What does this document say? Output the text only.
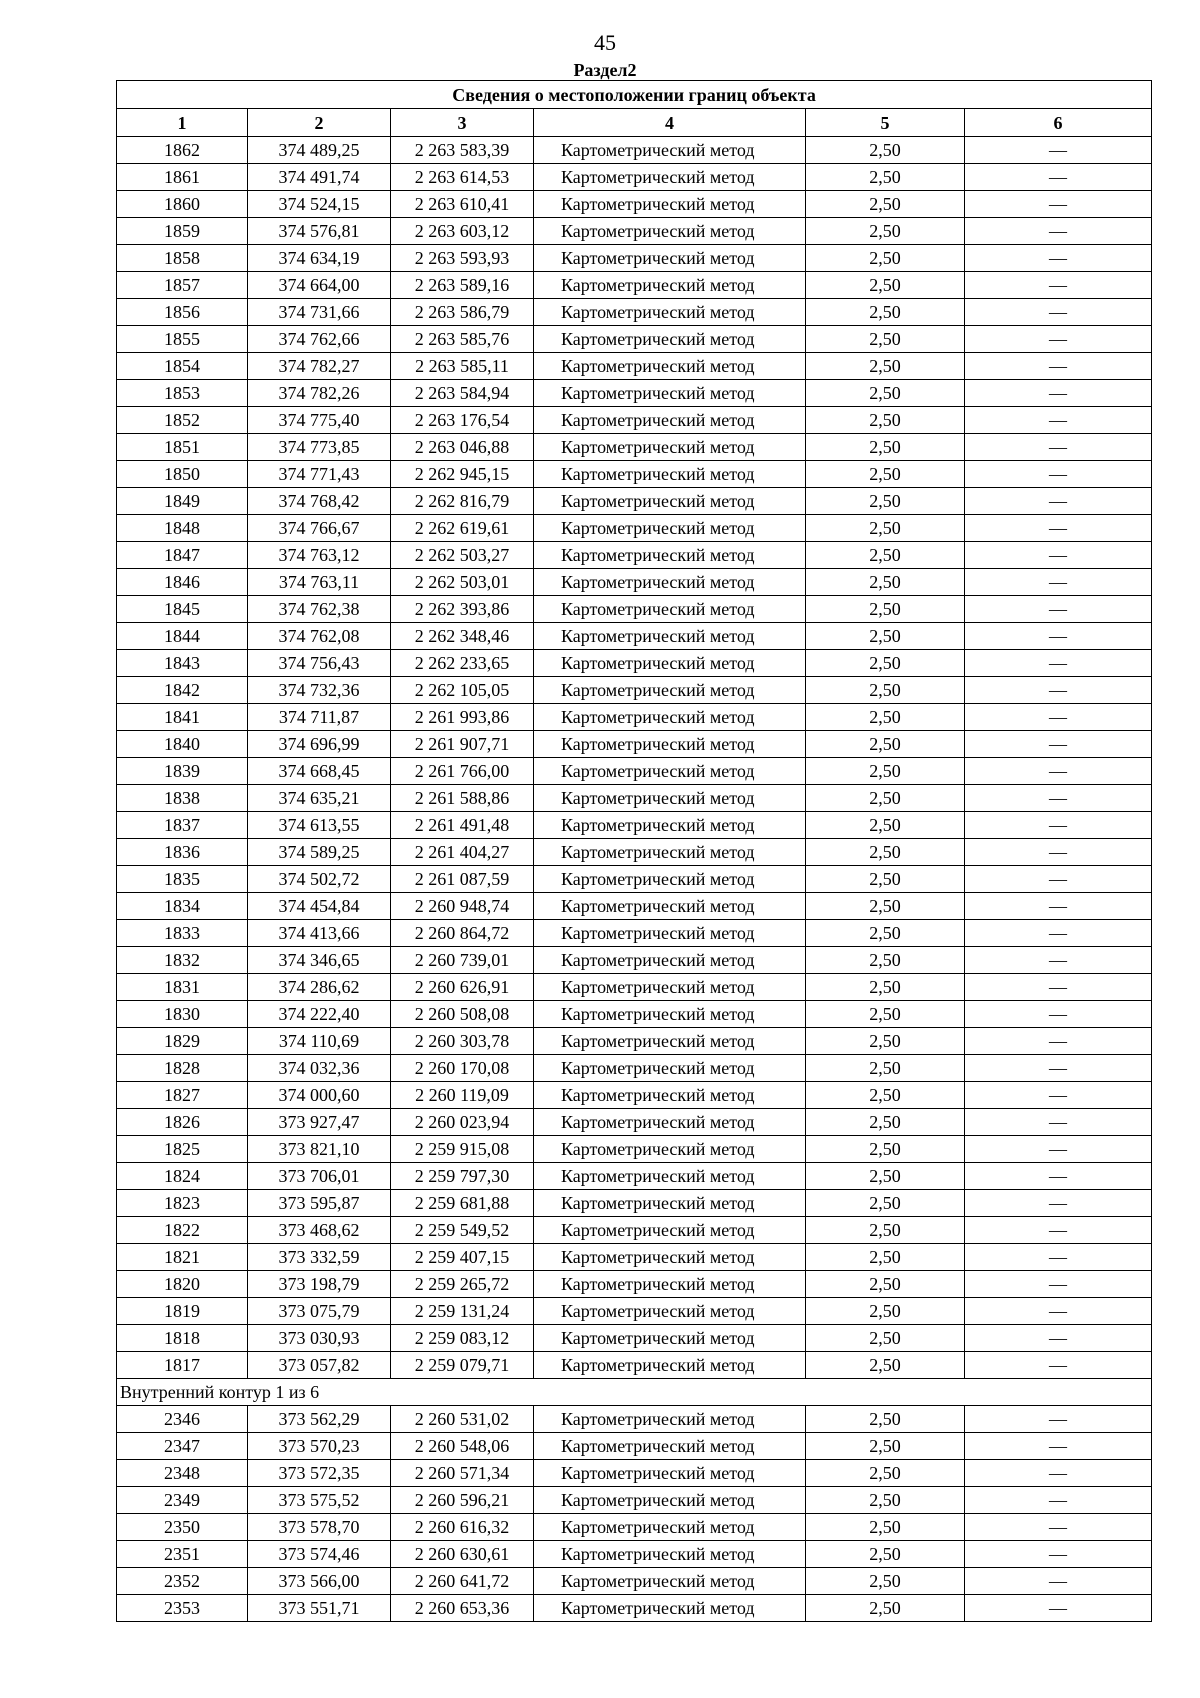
45
Раздел2
Сведения о местоположении границ объекта					
1	2	3	4	5	6
1862	374 489,25	2 263 583,39	Картометрический метод	2,50	—
1861	374 491,74	2 263 614,53	Картометрический метод	2,50	—
1860	374 524,15	2 263 610,41	Картометрический метод	2,50	—
1859	374 576,81	2 263 603,12	Картометрический метод	2,50	—
1858	374 634,19	2 263 593,93	Картометрический метод	2,50	—
1857	374 664,00	2 263 589,16	Картометрический метод	2,50	—
1856	374 731,66	2 263 586,79	Картометрический метод	2,50	—
1855	374 762,66	2 263 585,76	Картометрический метод	2,50	—
1854	374 782,27	2 263 585,11	Картометрический метод	2,50	—
1853	374 782,26	2 263 584,94	Картометрический метод	2,50	—
1852	374 775,40	2 263 176,54	Картометрический метод	2,50	—
1851	374 773,85	2 263 046,88	Картометрический метод	2,50	—
1850	374 771,43	2 262 945,15	Картометрический метод	2,50	—
1849	374 768,42	2 262 816,79	Картометрический метод	2,50	—
1848	374 766,67	2 262 619,61	Картометрический метод	2,50	—
1847	374 763,12	2 262 503,27	Картометрический метод	2,50	—
1846	374 763,11	2 262 503,01	Картометрический метод	2,50	—
1845	374 762,38	2 262 393,86	Картометрический метод	2,50	—
1844	374 762,08	2 262 348,46	Картометрический метод	2,50	—
1843	374 756,43	2 262 233,65	Картометрический метод	2,50	—
1842	374 732,36	2 262 105,05	Картометрический метод	2,50	—
1841	374 711,87	2 261 993,86	Картометрический метод	2,50	—
1840	374 696,99	2 261 907,71	Картометрический метод	2,50	—
1839	374 668,45	2 261 766,00	Картометрический метод	2,50	—
1838	374 635,21	2 261 588,86	Картометрический метод	2,50	—
1837	374 613,55	2 261 491,48	Картометрический метод	2,50	—
1836	374 589,25	2 261 404,27	Картометрический метод	2,50	—
1835	374 502,72	2 261 087,59	Картометрический метод	2,50	—
1834	374 454,84	2 260 948,74	Картометрический метод	2,50	—
1833	374 413,66	2 260 864,72	Картометрический метод	2,50	—
1832	374 346,65	2 260 739,01	Картометрический метод	2,50	—
1831	374 286,62	2 260 626,91	Картометрический метод	2,50	—
1830	374 222,40	2 260 508,08	Картометрический метод	2,50	—
1829	374 110,69	2 260 303,78	Картометрический метод	2,50	—
1828	374 032,36	2 260 170,08	Картометрический метод	2,50	—
1827	374 000,60	2 260 119,09	Картометрический метод	2,50	—
1826	373 927,47	2 260 023,94	Картометрический метод	2,50	—
1825	373 821,10	2 259 915,08	Картометрический метод	2,50	—
1824	373 706,01	2 259 797,30	Картометрический метод	2,50	—
1823	373 595,87	2 259 681,88	Картометрический метод	2,50	—
1822	373 468,62	2 259 549,52	Картометрический метод	2,50	—
1821	373 332,59	2 259 407,15	Картометрический метод	2,50	—
1820	373 198,79	2 259 265,72	Картометрический метод	2,50	—
1819	373 075,79	2 259 131,24	Картометрический метод	2,50	—
1818	373 030,93	2 259 083,12	Картометрический метод	2,50	—
1817	373 057,82	2 259 079,71	Картометрический метод	2,50	—
Внутренний контур 1 из 6					
2346	373 562,29	2 260 531,02	Картометрический метод	2,50	—
2347	373 570,23	2 260 548,06	Картометрический метод	2,50	—
2348	373 572,35	2 260 571,34	Картометрический метод	2,50	—
2349	373 575,52	2 260 596,21	Картометрический метод	2,50	—
2350	373 578,70	2 260 616,32	Картометрический метод	2,50	—
2351	373 574,46	2 260 630,61	Картометрический метод	2,50	—
2352	373 566,00	2 260 641,72	Картометрический метод	2,50	—
2353	373 551,71	2 260 653,36	Картометрический метод	2,50	—
